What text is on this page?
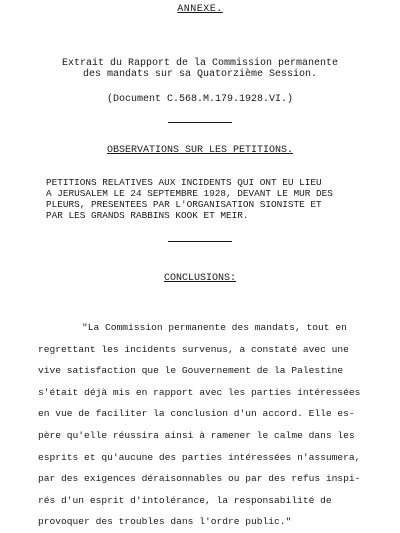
ANNEXE.
Extrait du Rapport de la Commission permanente
des mandats sur sa Quatorzième Session.
(Document C.568.M.179.1928.VI.)
OBSERVATIONS SUR LES PETITIONS.
PETITIONS RELATIVES AUX INCIDENTS QUI ONT EU LIEU
A JERUSALEM LE 24 SEPTEMBRE 1928, DEVANT LE MUR DES
PLEURS, PRESENTEES PAR L'ORGANISATION SIONISTE ET
PAR LES GRANDS RABBINS KOOK ET MEIR.
CONCLUSIONS:
"La Commission permanente des mandats, tout en
regrettant les incidents survenus, a constaté avec une
vive satisfaction que le Gouvernement de la Palestine
s'était déjà mis en rapport avec les parties intéressées
en vue de faciliter la conclusion d'un accord. Elle es-
père qu'elle réussira ainsi à ramener le calme dans les
esprits et qu'aucune des parties intéressées n'assumera,
par des exigences déraisonnables ou par des refus inspi-
rés d'un esprit d'intolérance, la responsabilité de
provoquer des troubles dans l'ordre public."
